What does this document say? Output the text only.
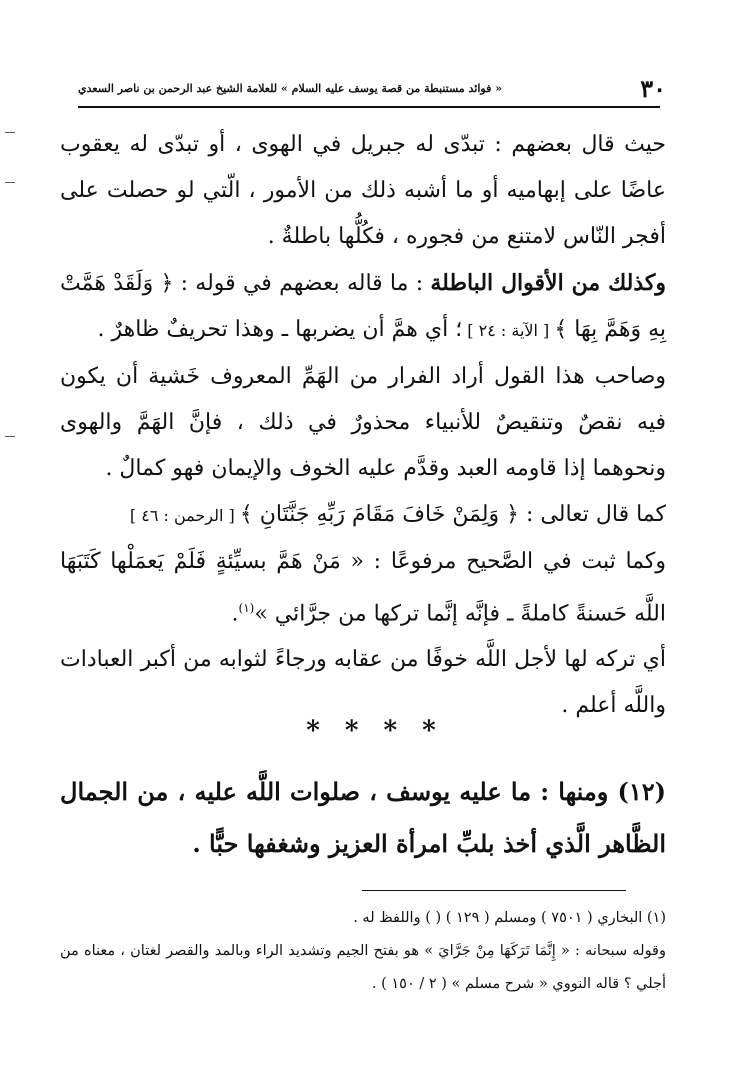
٣٠
« فوائد مستنبطة من قصة يوسف عليه السلام » للعلامة الشيخ عبد الرحمن بن ناصر السعدي

حيث قال بعضهم : تبدّى له جبريل في الهوى ، أو تبدّى له يعقوب عاضًا على إبهاميه أو ما أشبه ذلك من الأمور ، الّتي لو حصلت على أفجر النّاس لامتنع من فجوره ، فكُلُّها باطلةٌ .

وكذلك من الأقوال الباطلة : ما قاله بعضهم في قوله : ﴿ وَلَقَدْ هَمَّتْ بِهِ وَهَمَّ بِهَا ﴾ [ الآية : ٢٤ ] ؛ أي همَّ أن يضربها ـ وهذا تحريفٌ ظاهرٌ .

وصاحب هذا القول أراد الفرار من الهَمِّ المعروف خَشية أن يكون فيه نقصٌ وتنقيصٌ للأنبياء محذورٌ في ذلك ، فإنَّ الهَمَّ والهوى ونحوهما إذا قاومه العبد وقدَّم عليه الخوف والإيمان فهو كمالٌ .

كما قال تعالى : ﴿ وَلِمَنْ خَافَ مَقَامَ رَبِّهِ جَنَّتَانِ ﴾ [ الرحمن : ٤٦ ]

وكما ثبت في الصَّحيح مرفوعًا : « مَنْ هَمَّ بسيِّئةٍ فَلَمْ يَعمَلْها كَتَبَهَا اللَّه حَسنةً كاملةً ـ فإنَّه إنَّما تركها من جرَّائي »$^{(١)}$.

أي تركه لها لأجل اللَّه خوفًا من عقابه ورجاءً لثوابه من أكبر العبادات واللَّه أعلم .

* * * *
(١٢) ومنها : ما عليه يوسف ، صلوات اللَّه عليه ، من الجمال الظَّاهر الَّذي أخذ بلبِّ امرأة العزيز وشغفها حبًّا .

(١) البخاري ( ٧٥٠١ ) ومسلم ( ١٢٩ ) ( ) واللفظ له .

وقوله سبحانه : « إِنَّمَا تَرَكَهَا مِنْ جَرَّايَ » هو بفتح الجيم وتشديد الراء وبالمد والقصر لغتان ، معناه من أجلي ؟ قاله النووي « شرح مسلم » ( ٢ / ١٥٠ ) .
